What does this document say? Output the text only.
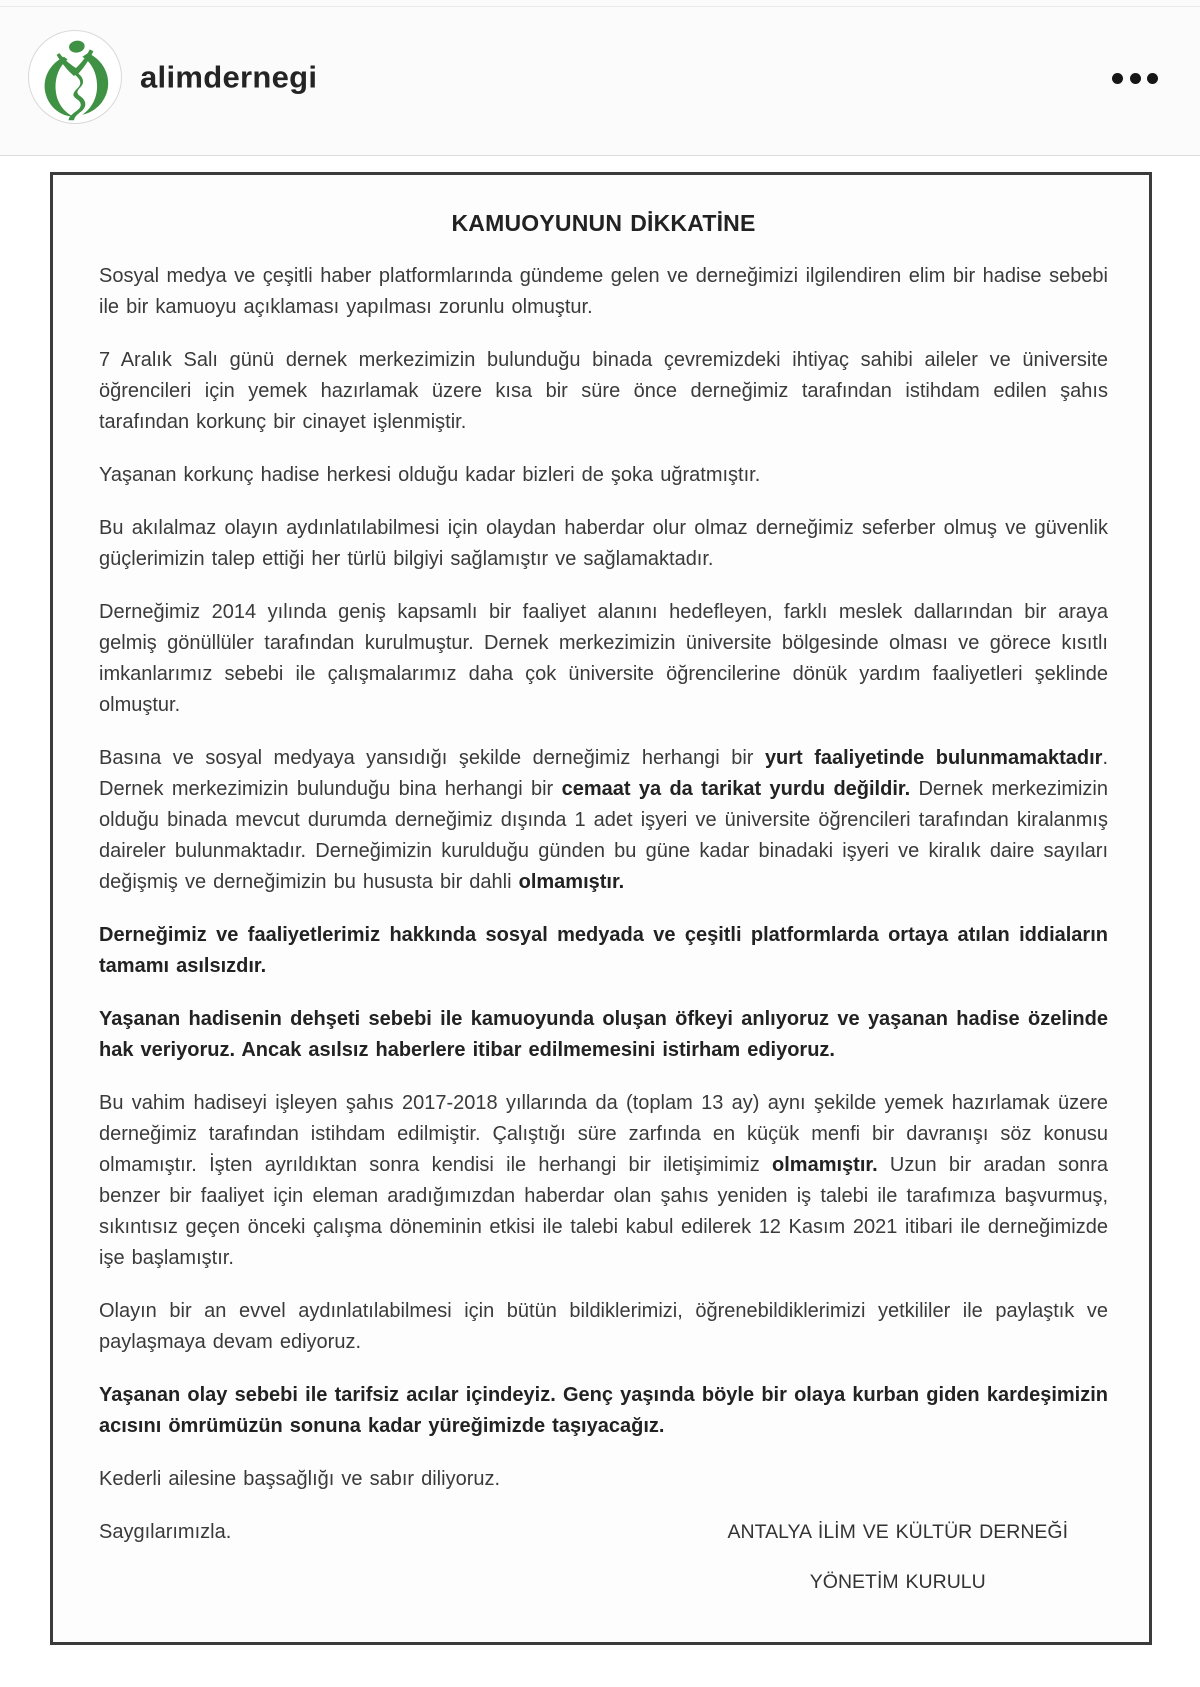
alimdernegi
KAMUOYUNUN DİKKATİNE

Sosyal medya ve çeşitli haber platformlarında gündeme gelen ve derneğimizi ilgilendiren elim bir hadise sebebi ile bir kamuoyu açıklaması yapılması zorunlu olmuştur.

7 Aralık Salı günü dernek merkezimizin bulunduğu binada çevremizdeki ihtiyaç sahibi aileler ve üniversite öğrencileri için yemek hazırlamak üzere kısa bir süre önce derneğimiz tarafından istihdam edilen şahıs tarafından korkunç bir cinayet işlenmiştir.

Yaşanan korkunç hadise herkesi olduğu kadar bizleri de şoka uğratmıştır.

Bu akılalmaz olayın aydınlatılabilmesi için olaydan haberdar olur olmaz derneğimiz seferber olmuş ve güvenlik güçlerimizin talep ettiği her türlü bilgiyi sağlamıştır ve sağlamaktadır.

Derneğimiz 2014 yılında geniş kapsamlı bir faaliyet alanını hedefleyen, farklı meslek dallarından bir araya gelmiş gönüllüler tarafından kurulmuştur. Dernek merkezimizin üniversite bölgesinde olması ve görece kısıtlı imkanlarımız sebebi ile çalışmalarımız daha çok üniversite öğrencilerine dönük yardım faaliyetleri şeklinde olmuştur.

Basına ve sosyal medyaya yansıdığı şekilde derneğimiz herhangi bir yurt faaliyetinde bulunmamaktadır. Dernek merkezimizin bulunduğu bina herhangi bir cemaat ya da tarikat yurdu değildir. Dernek merkezimizin olduğu binada mevcut durumda derneğimiz dışında 1 adet işyeri ve üniversite öğrencileri tarafından kiralanmış daireler bulunmaktadır. Derneğimizin kurulduğu günden bu güne kadar binadaki işyeri ve kiralık daire sayıları değişmiş ve derneğimizin bu hususta bir dahli olmamıştır.

Derneğimiz ve faaliyetlerimiz hakkında sosyal medyada ve çeşitli platformlarda ortaya atılan iddiaların tamamı asılsızdır.

Yaşanan hadisenin dehşeti sebebi ile kamuoyunda oluşan öfkeyi anlıyoruz ve yaşanan hadise özelinde hak veriyoruz. Ancak asılsız haberlere itibar edilmemesini istirham ediyoruz.

Bu vahim hadiseyi işleyen şahıs 2017-2018 yıllarında da (toplam 13 ay) aynı şekilde yemek hazırlamak üzere derneğimiz tarafından istihdam edilmiştir. Çalıştığı süre zarfında en küçük menfi bir davranışı söz konusu olmamıştır. İşten ayrıldıktan sonra kendisi ile herhangi bir iletişimimiz olmamıştır. Uzun bir aradan sonra benzer bir faaliyet için eleman aradığımızdan haberdar olan şahıs yeniden iş talebi ile tarafımıza başvurmuş, sıkıntısız geçen önceki çalışma döneminin etkisi ile talebi kabul edilerek 12 Kasım 2021 itibari ile derneğimizde işe başlamıştır.

Olayın bir an evvel aydınlatılabilmesi için bütün bildiklerimizi, öğrenebildiklerimizi yetkililer ile paylaştık ve paylaşmaya devam ediyoruz.

Yaşanan olay sebebi ile tarifsiz acılar içindeyiz. Genç yaşında böyle bir olaya kurban giden kardeşimizin acısını ömrümüzün sonuna kadar yüreğimizde taşıyacağız.

Kederli ailesine başsağlığı ve sabır diliyoruz.

Saygılarımızla.	ANTALYA İLİM VE KÜLTÜR DERNEĞİ
YÖNETİM KURULU
